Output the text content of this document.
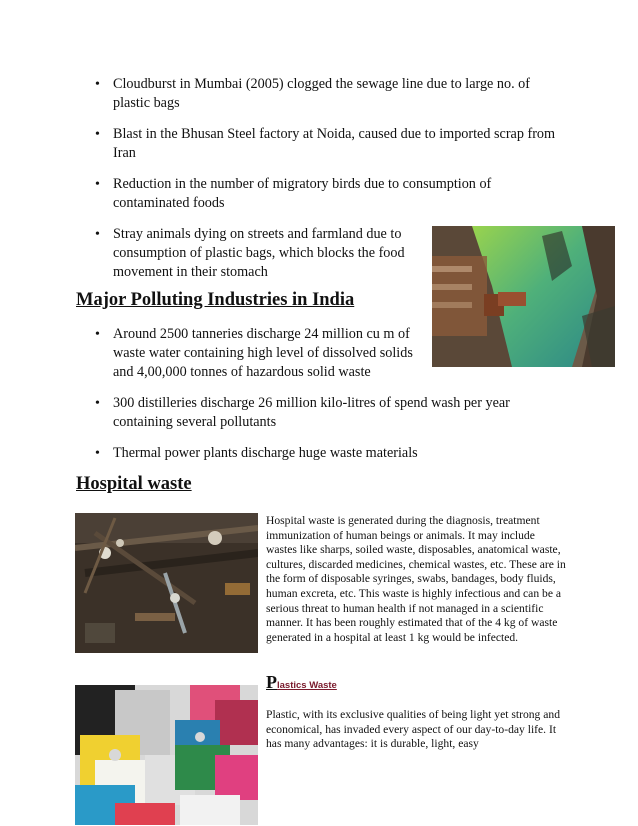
• Cloudburst in Mumbai (2005) clogged the sewage line due to large no. of plastic bags
• Blast in the Bhusan Steel factory at Noida, caused due to imported scrap from Iran
• Reduction in the number of migratory birds due to consumption of contaminated foods
• Stray animals dying on streets and farmland due to consumption of plastic bags, which blocks the food movement in their stomach
Major Polluting Industries in India
• Around 2500 tanneries discharge 24 million cu m of waste water containing high level of dissolved solids and 4,00,000 tonnes of hazardous solid waste
• 300 distilleries discharge 26 million kilo-litres of spend wash per year containing several pollutants
• Thermal power plants discharge huge waste materials
Hospital waste

Hospital waste is generated during the diagnosis, treatment immunization of human beings or animals. It may include wastes like sharps, soiled waste, disposables, anatomical waste, cultures, discarded medicines, chemical wastes, etc. These are in the form of disposable syringes, swabs, bandages, body fluids, human excreta, etc. This waste is highly infectious and can be a serious threat to human health if not managed in a scientific manner. It has been roughly estimated that of the 4 kg of waste generated in a hospital at least 1 kg would be infected.

Plastics Waste

Plastic, with its exclusive qualities of being light yet strong and economical, has invaded every aspect of our day-to-day life. It has many advantages: it is durable, light, easy
